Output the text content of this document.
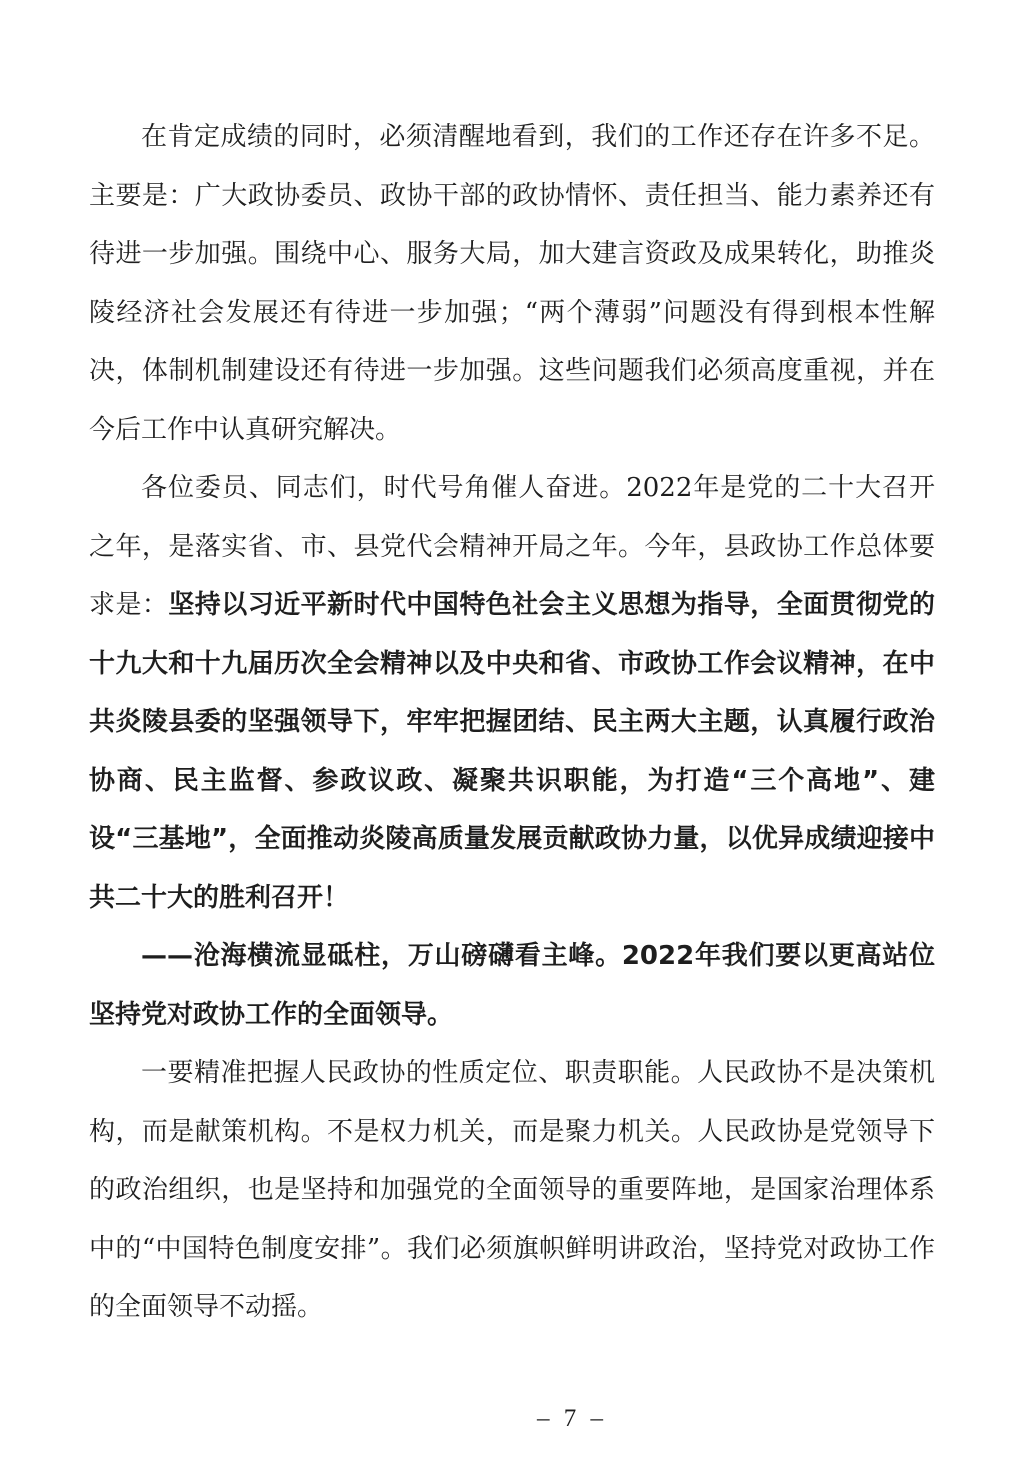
在肯定成绩的同时，必须清醒地看到，我们的工作还存在许多不足。主要是：广大政协委员、政协干部的政协情怀、责任担当、能力素养还有待进一步加强。围绕中心、服务大局，加大建言资政及成果转化，助推炎陵经济社会发展还有待进一步加强；“两个薄弱”问题没有得到根本性解决，体制机制建设还有待进一步加强。这些问题我们必须高度重视，并在今后工作中认真研究解决。

各位委员、同志们，时代号角催人奋进。2022年是党的二十大召开之年，是落实省、市、县党代会精神开局之年。今年，县政协工作总体要求是：坚持以习近平新时代中国特色社会主义思想为指导，全面贯彻党的十九大和十九届历次全会精神以及中央和省、市政协工作会议精神，在中共炎陵县委的坚强领导下，牢牢把握团结、民主两大主题，认真履行政治协商、民主监督、参政议政、凝聚共识职能，为打造“三个高地”、建设“三基地”，全面推动炎陵高质量发展贡献政协力量，以优异成绩迎接中共二十大的胜利召开！

——沧海横流显砥柱，万山磅礴看主峰。2022年我们要以更高站位坚持党对政协工作的全面领导。

一要精准把握人民政协的性质定位、职责职能。人民政协不是决策机构，而是献策机构。不是权力机关，而是聚力机关。人民政协是党领导下的政治组织，也是坚持和加强党的全面领导的重要阵地，是国家治理体系中的“中国特色制度安排”。我们必须旗帜鲜明讲政治，坚持党对政协工作的全面领导不动摇。

– 7 –
